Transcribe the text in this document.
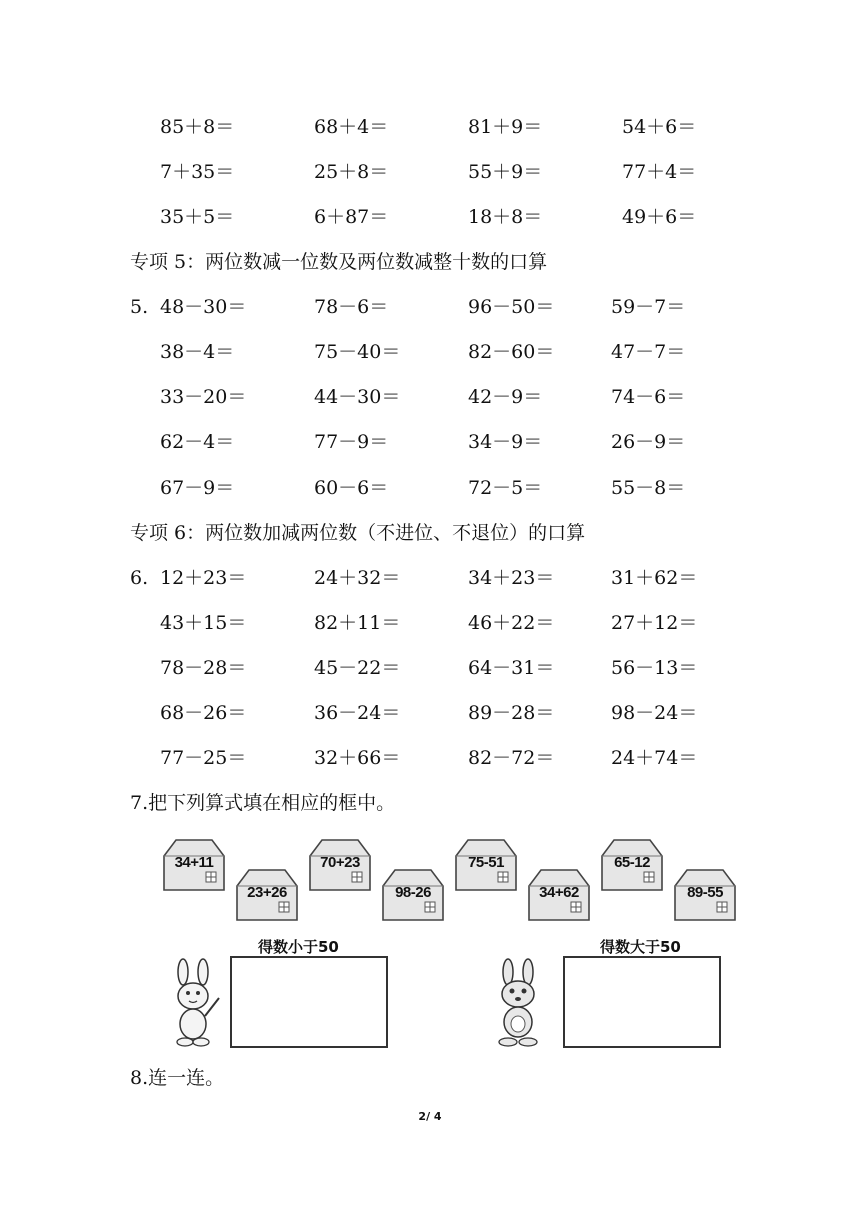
85＋8＝	68＋4＝	81＋9＝	54＋6＝
7＋35＝	25＋8＝	55＋9＝	77＋4＝
35＋5＝	6＋87＝	18＋8＝	49＋6＝
专项 5：两位数减一位数及两位数减整十数的口算
5. 48－30＝	78－6＝	96－50＝	59－7＝
38－4＝	75－40＝	82－60＝	47－7＝
33－20＝	44－30＝	42－9＝	74－6＝
62－4＝	77－9＝	34－9＝	26－9＝
67－9＝	60－6＝	72－5＝	55－8＝
专项 6：两位数加减两位数（不进位、不退位）的口算
6. 12＋23＝	24＋32＝	34＋23＝	31＋62＝
43＋15＝	82＋11＝	46＋22＝	27＋12＝
78－28＝	45－22＝	64－31＝	56－13＝
68－26＝	36－24＝	89－28＝	98－24＝
77－25＝	32＋66＝	82－72＝	24＋74＝
7.把下列算式填在相应的框中。
34+11
23+26
70+23
98-26
75-51
34+62
65-12
89-55
得数小于50	得数大于50
8.连一连。
2/ 4
